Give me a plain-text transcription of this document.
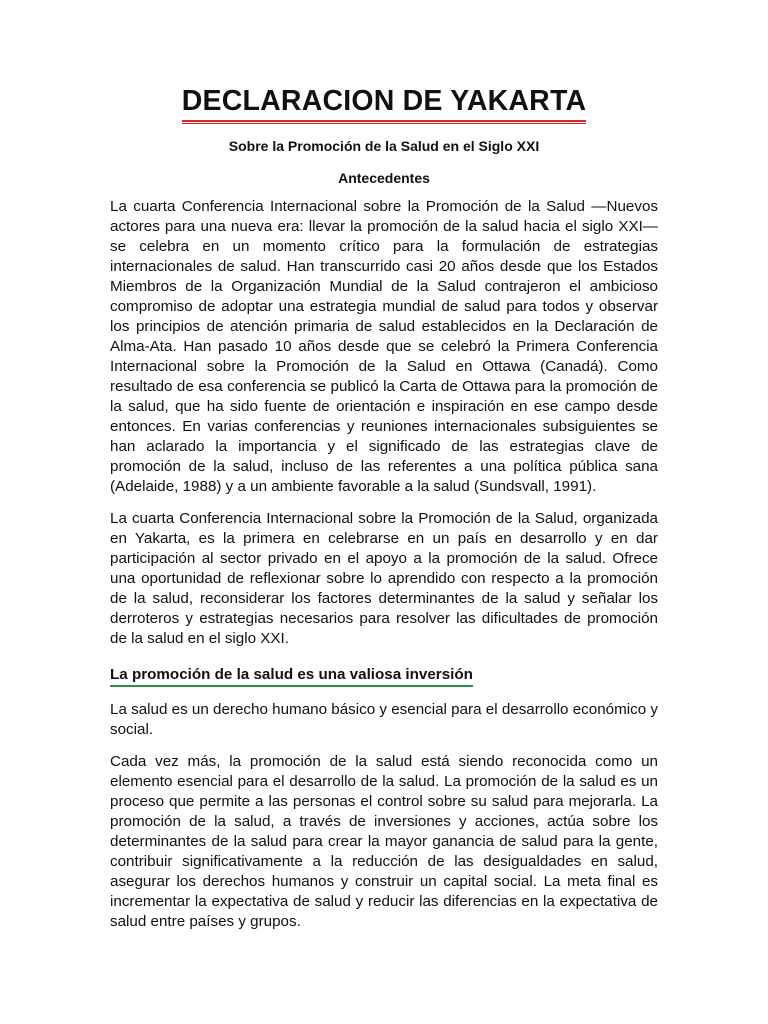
DECLARACION DE YAKARTA
Sobre la Promoción de la Salud en el Siglo XXI
Antecedentes

La cuarta Conferencia Internacional sobre la Promoción de la Salud —Nuevos actores para una nueva era: llevar la promoción de la salud hacia el siglo XXI— se celebra en un momento crítico para la formulación de estrategias internacionales de salud. Han transcurrido casi 20 años desde que los Estados Miembros de la Organización Mundial de la Salud contrajeron el ambicioso compromiso de adoptar una estrategia mundial de salud para todos y observar los principios de atención primaria de salud establecidos en la Declaración de Alma-Ata. Han pasado 10 años desde que se celebró la Primera Conferencia Internacional sobre la Promoción de la Salud en Ottawa (Canadá). Como resultado de esa conferencia se publicó la Carta de Ottawa para la promoción de la salud, que ha sido fuente de orientación e inspiración en ese campo desde entonces. En varias conferencias y reuniones internacionales subsiguientes se han aclarado la importancia y el significado de las estrategias clave de promoción de la salud, incluso de las referentes a una política pública sana (Adelaide, 1988) y a un ambiente favorable a la salud (Sundsvall, 1991).

La cuarta Conferencia Internacional sobre la Promoción de la Salud, organizada en Yakarta, es la primera en celebrarse en un país en desarrollo y en dar participación al sector privado en el apoyo a la promoción de la salud. Ofrece una oportunidad de reflexionar sobre lo aprendido con respecto a la promoción de la salud, reconsiderar los factores determinantes de la salud y señalar los derroteros y estrategias necesarios para resolver las dificultades de promoción de la salud en el siglo XXI.

La promoción de la salud es una valiosa inversión

La salud es un derecho humano básico y esencial para el desarrollo económico y social.

Cada vez más, la promoción de la salud está siendo reconocida como un elemento esencial para el desarrollo de la salud. La promoción de la salud es un proceso que permite a las personas el control sobre su salud para mejorarla. La promoción de la salud, a través de inversiones y acciones, actúa sobre los determinantes de la salud para crear la mayor ganancia de salud para la gente, contribuir significativamente a la reducción de las desigualdades en salud, asegurar los derechos humanos y construir un capital social. La meta final es incrementar la expectativa de salud y reducir las diferencias en la expectativa de salud entre países y grupos.
